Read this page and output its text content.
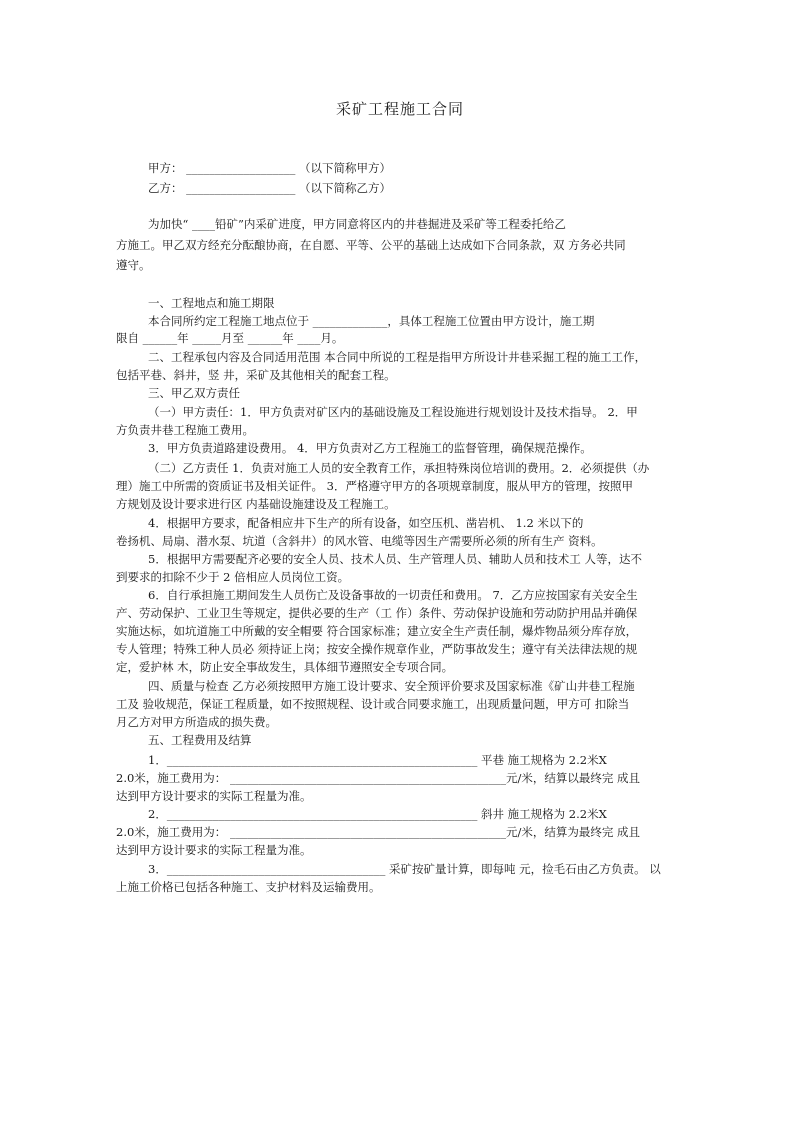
采矿工程施工合同
甲方： ___________________ （以下简称甲方）
乙方： ___________________ （以下简称乙方）
为加快“ ____铅矿”内采矿进度，甲方同意将区内的井巷掘进及采矿等工程委托给乙
方施工。甲乙双方经充分酝酿协商，在自愿、平等、公平的基础上达成如下合同条款，双 方务必共同
遵守。
一、工程地点和施工期限
本合同所约定工程施工地点位于 _____________，具体工程施工位置由甲方设计，施工期
限自 ______年 _____月至 ______年 ____月。
二、工程承包内容及合同适用范围 本合同中所说的工程是指甲方所设计井巷采掘工程的施工工作，
包括平巷、斜井，竖 井，采矿及其他相关的配套工程。
三、甲乙双方责任
（一）甲方责任：1．甲方负责对矿区内的基础设施及工程设施进行规划设计及技术指导。 2．甲
方负责井巷工程施工费用。
3．甲方负责道路建设费用。 4．甲方负责对乙方工程施工的监督管理，确保规范操作。
（二）乙方责任 1．负责对施工人员的安全教育工作，承担特殊岗位培训的费用。2．必须提供（办
理）施工中所需的资质证书及相关证件。 3．严格遵守甲方的各项规章制度，服从甲方的管理，按照甲
方规划及设计要求进行区 内基础设施建设及工程施工。
4．根据甲方要求，配备相应井下生产的所有设备，如空压机、凿岩机、 1.2 米以下的
卷扬机、局扇、潜水泵、坑道（含斜井）的风水管、电缆等因生产需要所必须的所有生产 资料。
5．根据甲方需要配齐必要的安全人员、技术人员、生产管理人员、辅助人员和技术工 人等，达不
到要求的扣除不少于 2 倍相应人员岗位工资。
6．自行承担施工期间发生人员伤亡及设备事故的一切责任和费用。 7．乙方应按国家有关安全生
产、劳动保护、工业卫生等规定，提供必要的生产（工 作）条件、劳动保护设施和劳动防护用品并确保
实施达标，如坑道施工中所戴的安全帽要 符合国家标准；建立安全生产责任制，爆炸物品须分库存放，
专人管理；特殊工种人员必 须持证上岗；按安全操作规章作业，严防事故发生；遵守有关法律法规的规
定，爱护林 木，防止安全事故发生，具体细节遵照安全专项合同。
四、质量与检查 乙方必须按照甲方施工设计要求、安全预评价要求及国家标准《矿山井巷工程施
工及 验收规范，保证工程质量，如不按照规程、设计或合同要求施工，出现质量问题，甲方可 扣除当
月乙方对甲方所造成的损失费。
五、工程费用及结算
1．______________________________________________________ 平巷 施工规格为 2.2米X
2.0米，施工费用为： ________________________________________________元/米，结算以最终完 成且
达到甲方设计要求的实际工程量为准。
2．______________________________________________________ 斜井 施工规格为 2.2米X
2.0米，施工费用为： ________________________________________________元/米，结算为最终完 成且
达到甲方设计要求的实际工程量为准。
3．______________________________________ 采矿按矿量计算，即每吨 元，捡毛石由乙方负责。 以
上施工价格已包括各种施工、支护材料及运输费用。
